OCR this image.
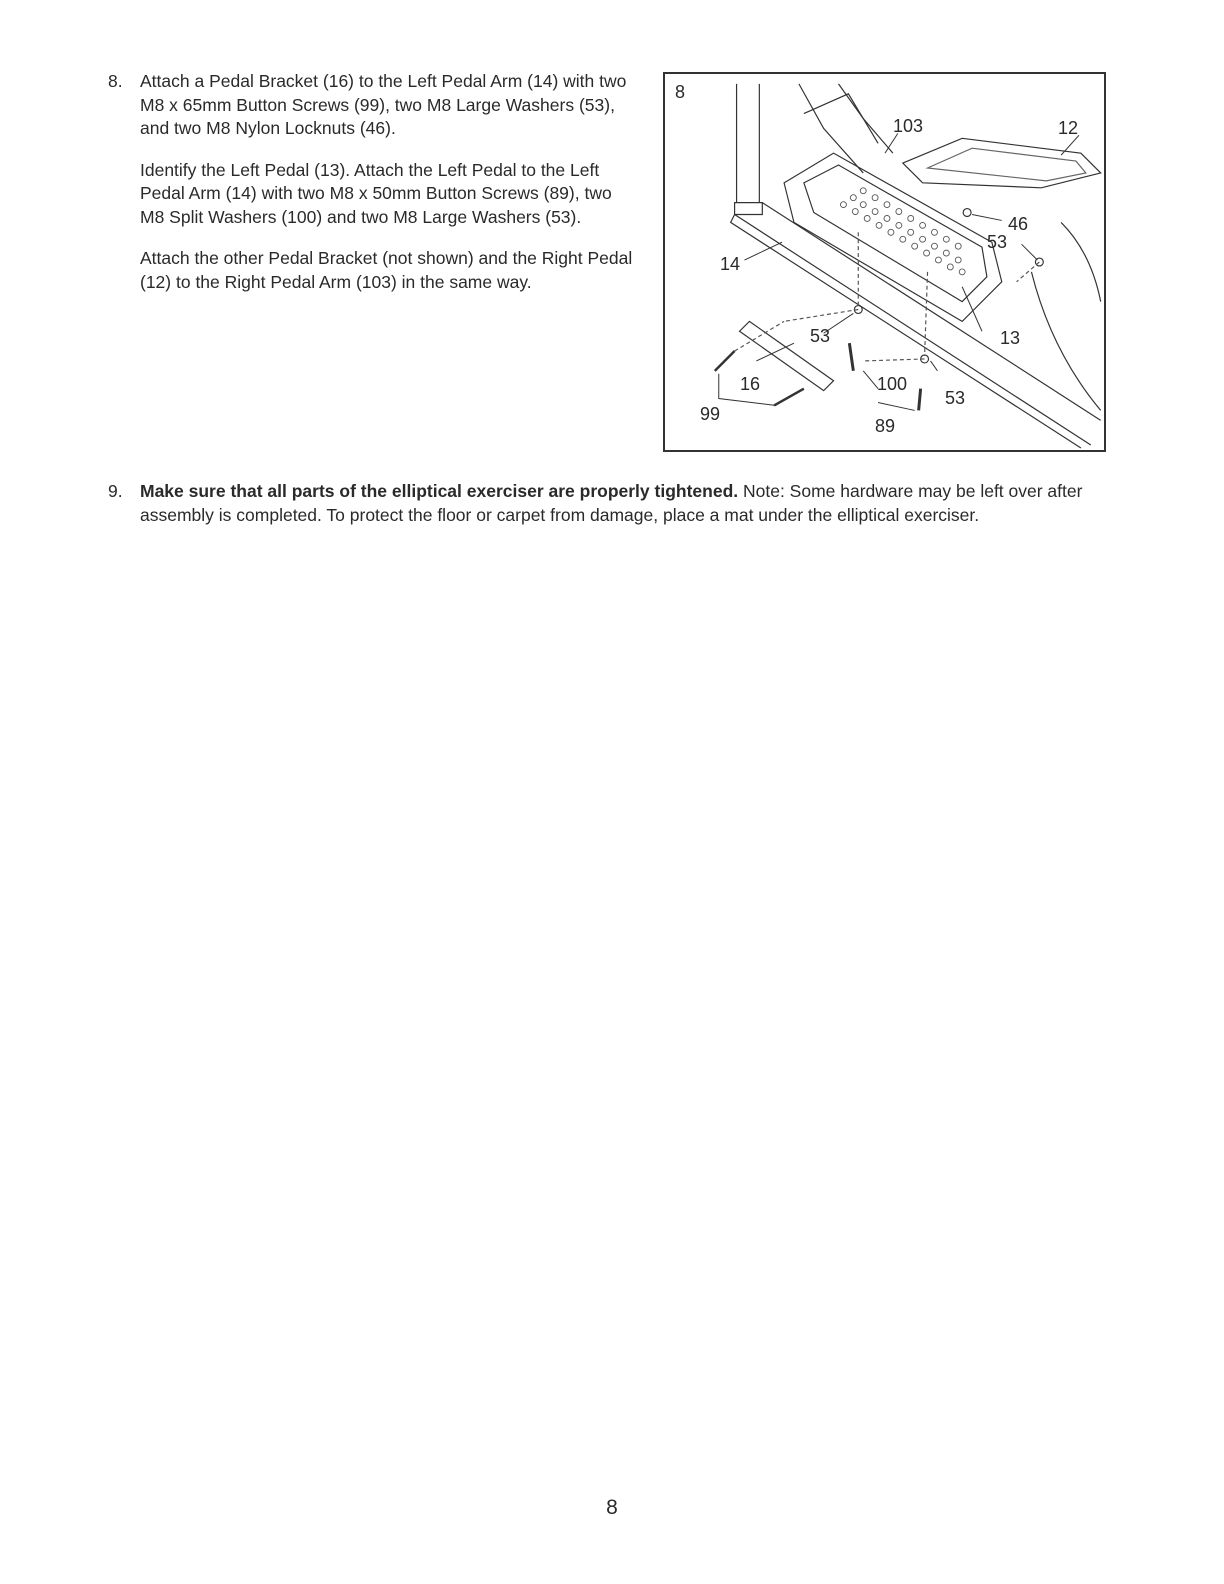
8. Attach a Pedal Bracket (16) to the Left Pedal Arm (14) with two M8 x 65mm Button Screws (99), two M8 Large Washers (53), and two M8 Nylon Locknuts (46).

Identify the Left Pedal (13). Attach the Left Pedal to the Left Pedal Arm (14) with two M8 x 50mm Button Screws (89), two M8 Split Washers (100) and two M8 Large Washers (53).

Attach the other Pedal Bracket (not shown) and the Right Pedal (12) to the Right Pedal Arm (103) in the same way.

8
103	12
46
53
14
53	13
16	100
53
99
89
9. Make sure that all parts of the elliptical exerciser are properly tightened. Note: Some hardware may be left over after assembly is completed. To protect the floor or carpet from damage, place a mat under the elliptical exerciser.
8
